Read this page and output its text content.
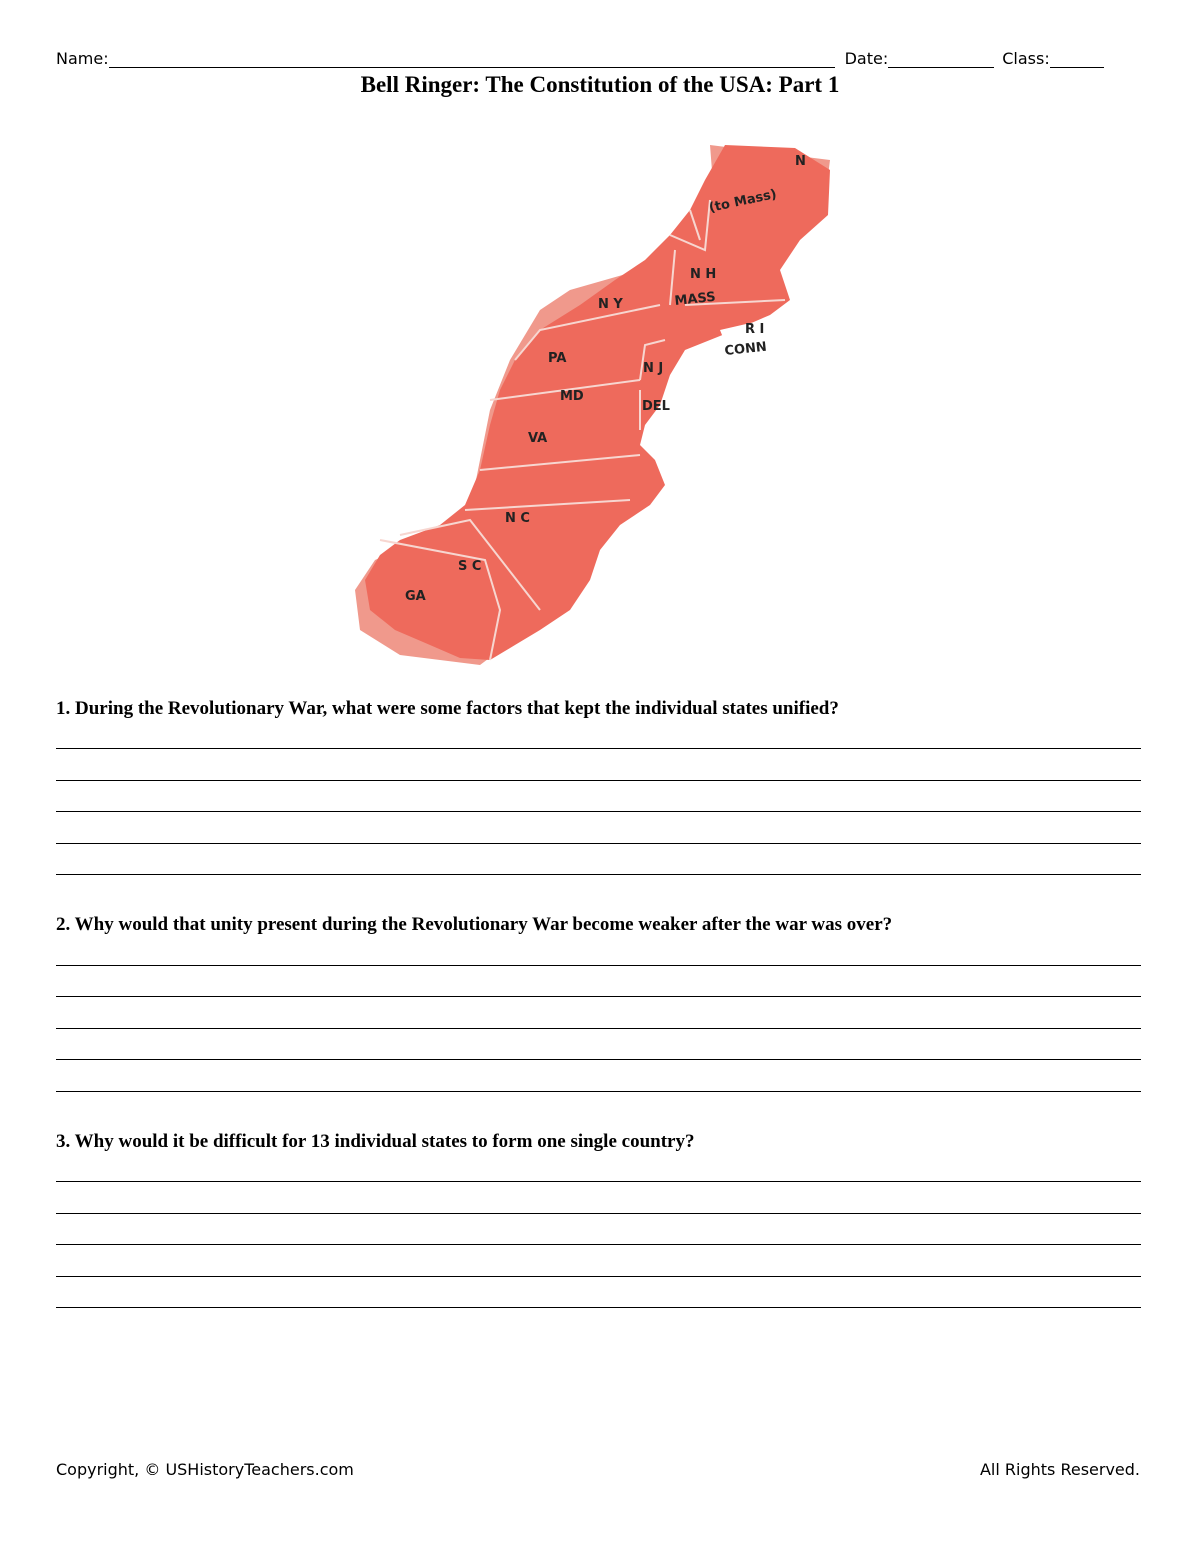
Name:	Date:	Class:
Bell Ringer: The Constitution of the USA: Part 1
N
(to Mass)
N H
N Y	MASS
R I
CONN
PA
N J
MD
DEL
VA
N C
S C
GA
1. During the Revolutionary War, what were some factors that kept the individual states unified?
2. Why would that unity present during the Revolutionary War become weaker after the war was over?
3. Why would it be difficult for 13 individual states to form one single country?
Copyright, © USHistoryTeachers.com	All Rights Reserved.
